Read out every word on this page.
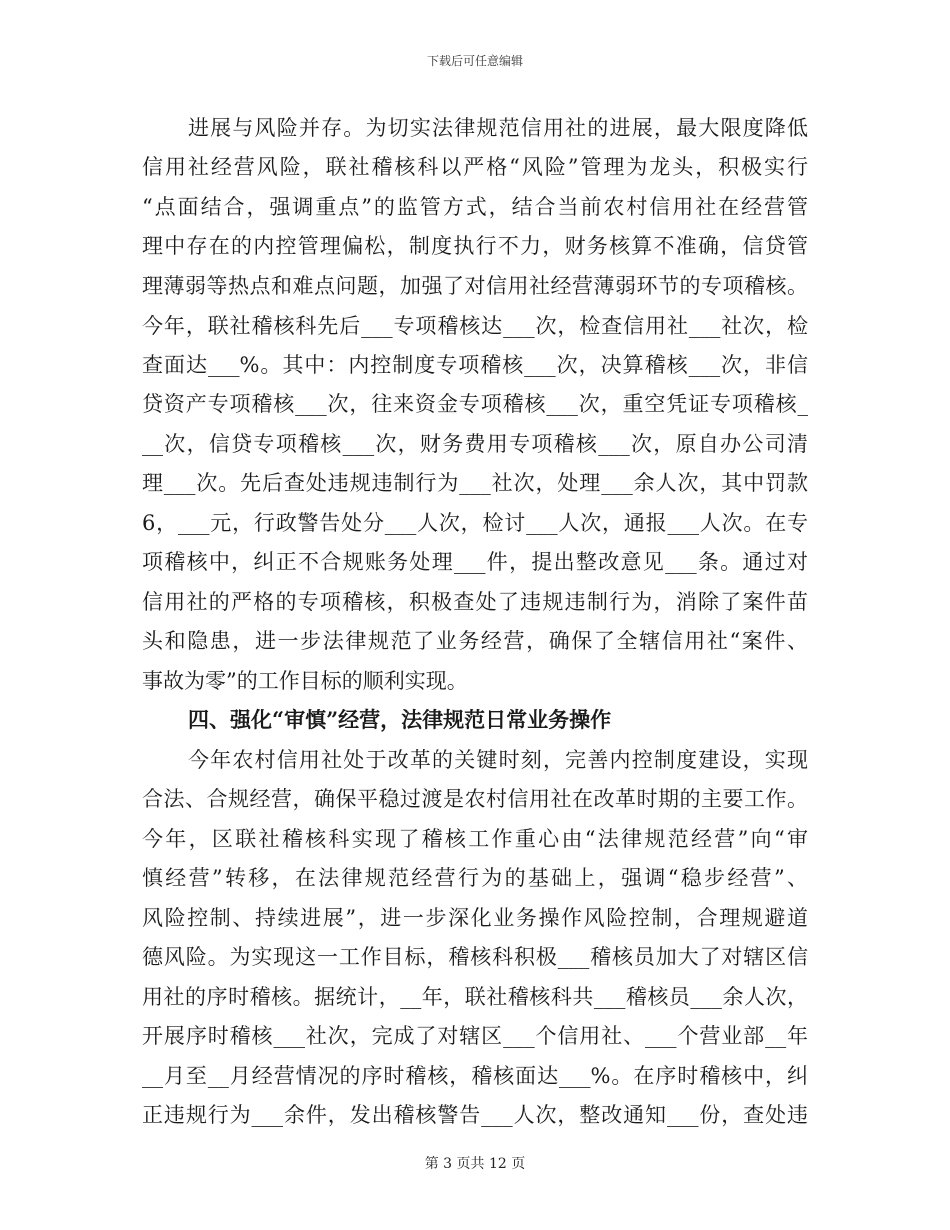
下载后可任意编辑
进展与风险并存。为切实法律规范信用社的进展，最大限度降低
信用社经营风险，联社稽核科以严格“风险”管理为龙头，积极实行
“点面结合，强调重点”的监管方式，结合当前农村信用社在经营管
理中存在的内控管理偏松，制度执行不力，财务核算不准确，信贷管
理薄弱等热点和难点问题，加强了对信用社经营薄弱环节的专项稽核。
今年，联社稽核科先后___专项稽核达___次，检查信用社___社次，检
查面达___%。其中：内控制度专项稽核___次，决算稽核___次，非信
贷资产专项稽核___次，往来资金专项稽核___次，重空凭证专项稽核_
__次，信贷专项稽核___次，财务费用专项稽核___次，原自办公司清
理___次。先后查处违规违制行为___社次，处理___余人次，其中罚款
6，___元，行政警告处分___人次，检讨___人次，通报___人次。在专
项稽核中，纠正不合规账务处理___件，提出整改意见___条。通过对
信用社的严格的专项稽核，积极查处了违规违制行为，消除了案件苗
头和隐患，进一步法律规范了业务经营，确保了全辖信用社“案件、
事故为零”的工作目标的顺利实现。
四、强化“审慎”经营，法律规范日常业务操作
今年农村信用社处于改革的关键时刻，完善内控制度建设，实现
合法、合规经营，确保平稳过渡是农村信用社在改革时期的主要工作。
今年，区联社稽核科实现了稽核工作重心由“法律规范经营”向“审
慎经营”转移，在法律规范经营行为的基础上，强调“稳步经营”、
风险控制、持续进展”，进一步深化业务操作风险控制，合理规避道
德风险。为实现这一工作目标，稽核科积极___稽核员加大了对辖区信
用社的序时稽核。据统计，__年，联社稽核科共___稽核员___余人次，
开展序时稽核___社次，完成了对辖区___个信用社、___个营业部__年
__月至__月经营情况的序时稽核，稽核面达___%。在序时稽核中，纠
正违规行为___余件，发出稽核警告___人次，整改通知___份，查处违
第 3 页共 12 页
